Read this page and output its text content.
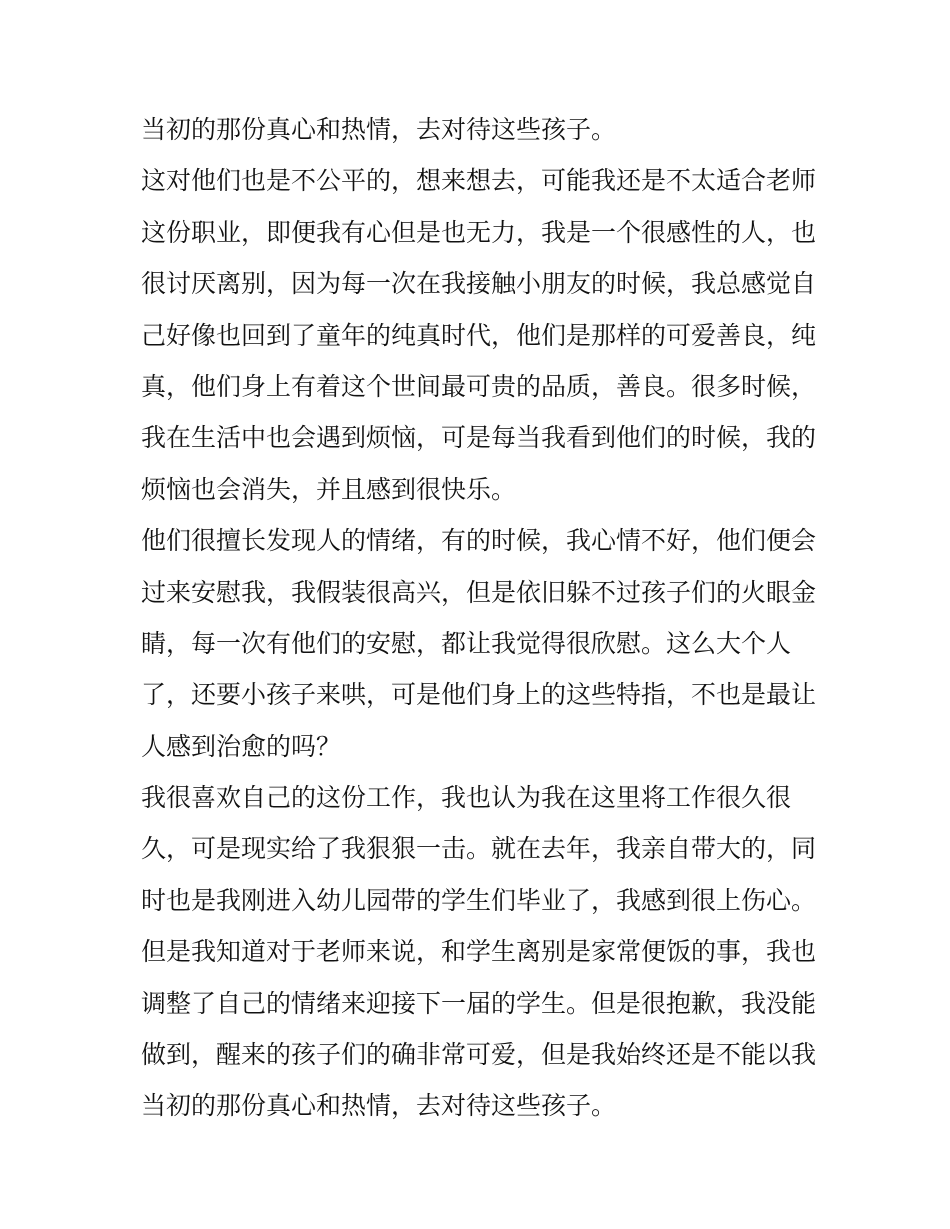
当初的那份真心和热情，去对待这些孩子。
这对他们也是不公平的，想来想去，可能我还是不太适合老师
这份职业，即便我有心但是也无力，我是一个很感性的人，也
很讨厌离别，因为每一次在我接触小朋友的时候，我总感觉自
己好像也回到了童年的纯真时代，他们是那样的可爱善良，纯
真，他们身上有着这个世间最可贵的品质，善良。很多时候，
我在生活中也会遇到烦恼，可是每当我看到他们的时候，我的
烦恼也会消失，并且感到很快乐。
他们很擅长发现人的情绪，有的时候，我心情不好，他们便会
过来安慰我，我假装很高兴，但是依旧躲不过孩子们的火眼金
睛，每一次有他们的安慰，都让我觉得很欣慰。这么大个人
了，还要小孩子来哄，可是他们身上的这些特指，不也是最让
人感到治愈的吗？
我很喜欢自己的这份工作，我也认为我在这里将工作很久很
久，可是现实给了我狠狠一击。就在去年，我亲自带大的，同
时也是我刚进入幼儿园带的学生们毕业了，我感到很上伤心。
但是我知道对于老师来说，和学生离别是家常便饭的事，我也
调整了自己的情绪来迎接下一届的学生。但是很抱歉，我没能
做到，醒来的孩子们的确非常可爱，但是我始终还是不能以我
当初的那份真心和热情，去对待这些孩子。
